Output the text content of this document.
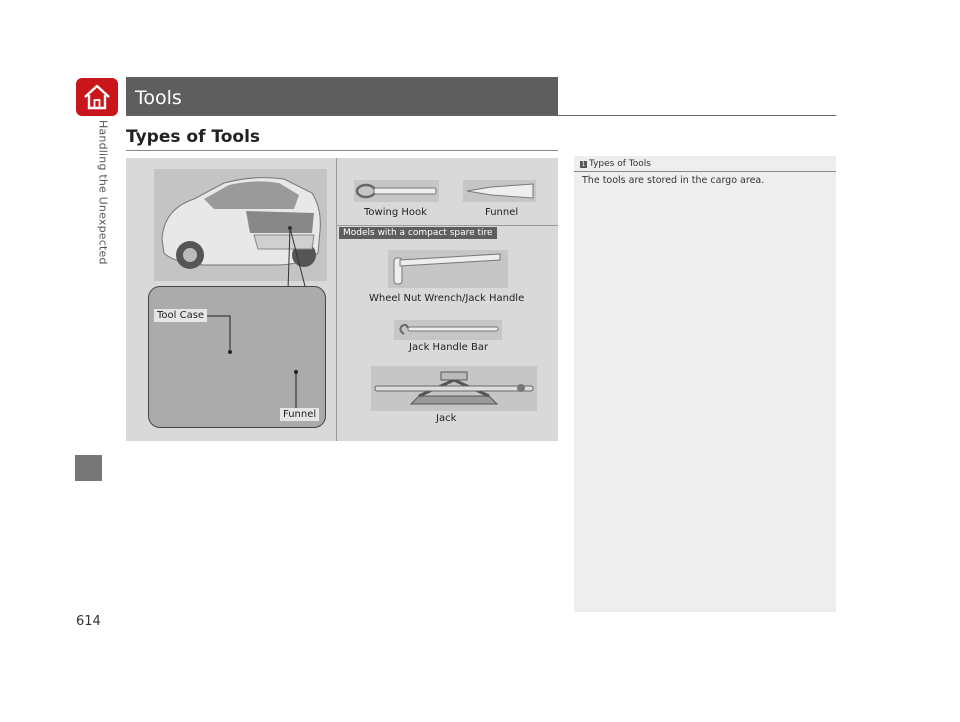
Handling the Unexpected
614
Tools
Types of Tools
Tool Case
Funnel
Towing Hook	Funnel
Models with a compact spare tire
Wheel Nut Wrench/Jack Handle
Jack Handle Bar
Jack
1 Types of Tools
The tools are stored in the cargo area.
